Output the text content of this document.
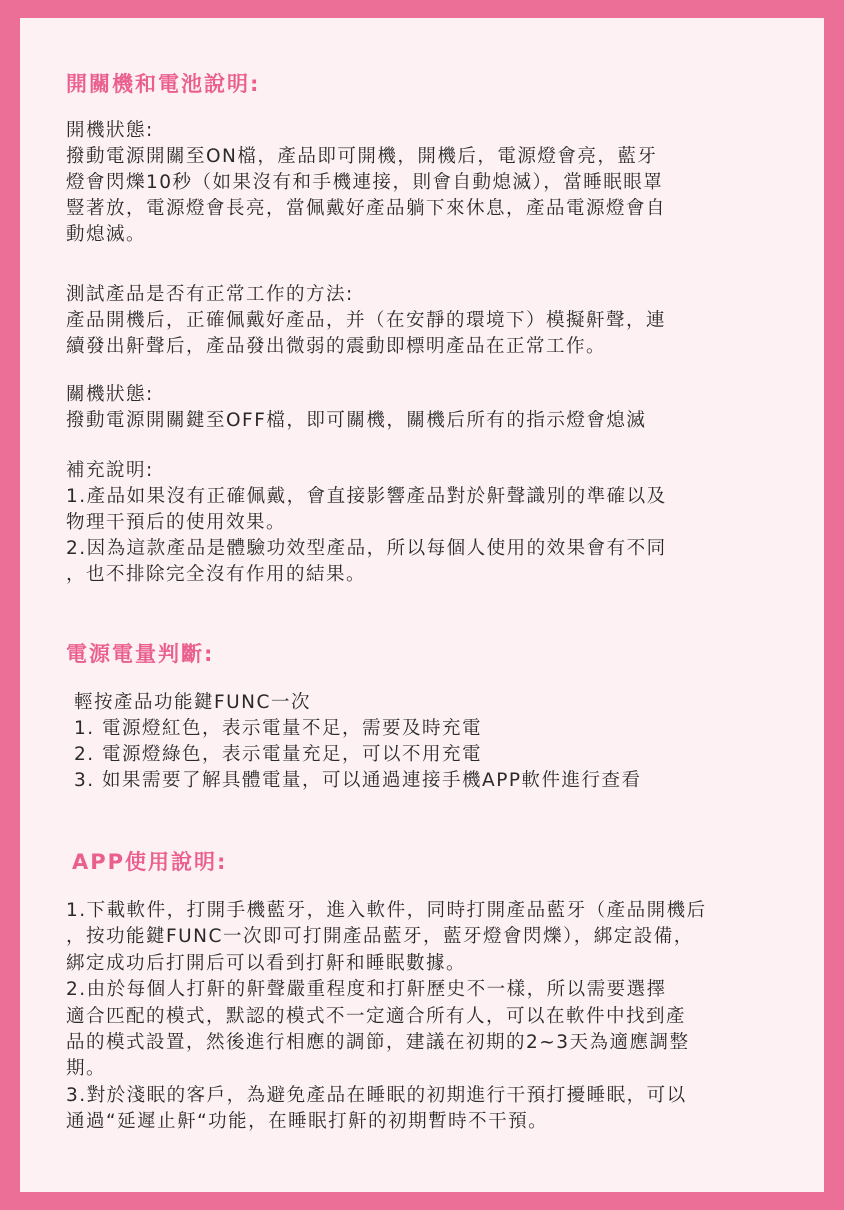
開關機和電池說明:
開機狀態:
撥動電源開關至ON檔，產品即可開機，開機后，電源燈會亮，藍牙
燈會閃爍10秒（如果沒有和手機連接，則會自動熄滅），當睡眠眼罩
豎著放，電源燈會長亮，當佩戴好產品躺下來休息，產品電源燈會自
動熄滅。
測試產品是否有正常工作的方法:
產品開機后，正確佩戴好產品，并（在安靜的環境下）模擬鼾聲，連
續發出鼾聲后，產品發出微弱的震動即標明產品在正常工作。
關機狀態:
撥動電源開關鍵至OFF檔，即可關機，關機后所有的指示燈會熄滅
補充說明:
1.產品如果沒有正確佩戴，會直接影響產品對於鼾聲識別的準確以及
物理干預后的使用效果。
2.因為這款產品是體驗功效型產品，所以每個人使用的效果會有不同
，也不排除完全沒有作用的結果。
電源電量判斷:
輕按產品功能鍵FUNC一次
1. 電源燈紅色，表示電量不足，需要及時充電
2. 電源燈綠色，表示電量充足，可以不用充電
3. 如果需要了解具體電量，可以通過連接手機APP軟件進行查看
APP使用說明:
1.下載軟件，打開手機藍牙，進入軟件，同時打開產品藍牙（產品開機后
，按功能鍵FUNC一次即可打開產品藍牙，藍牙燈會閃爍），綁定設備，
綁定成功后打開后可以看到打鼾和睡眠數據。
2.由於每個人打鼾的鼾聲嚴重程度和打鼾歷史不一樣，所以需要選擇
適合匹配的模式，默認的模式不一定適合所有人，可以在軟件中找到產
品的模式設置，然後進行相應的調節，建議在初期的2~3天為適應調整
期。
3.對於淺眠的客戶，為避免產品在睡眠的初期進行干預打擾睡眠，可以
通過“延遲止鼾“功能，在睡眠打鼾的初期暫時不干預。
